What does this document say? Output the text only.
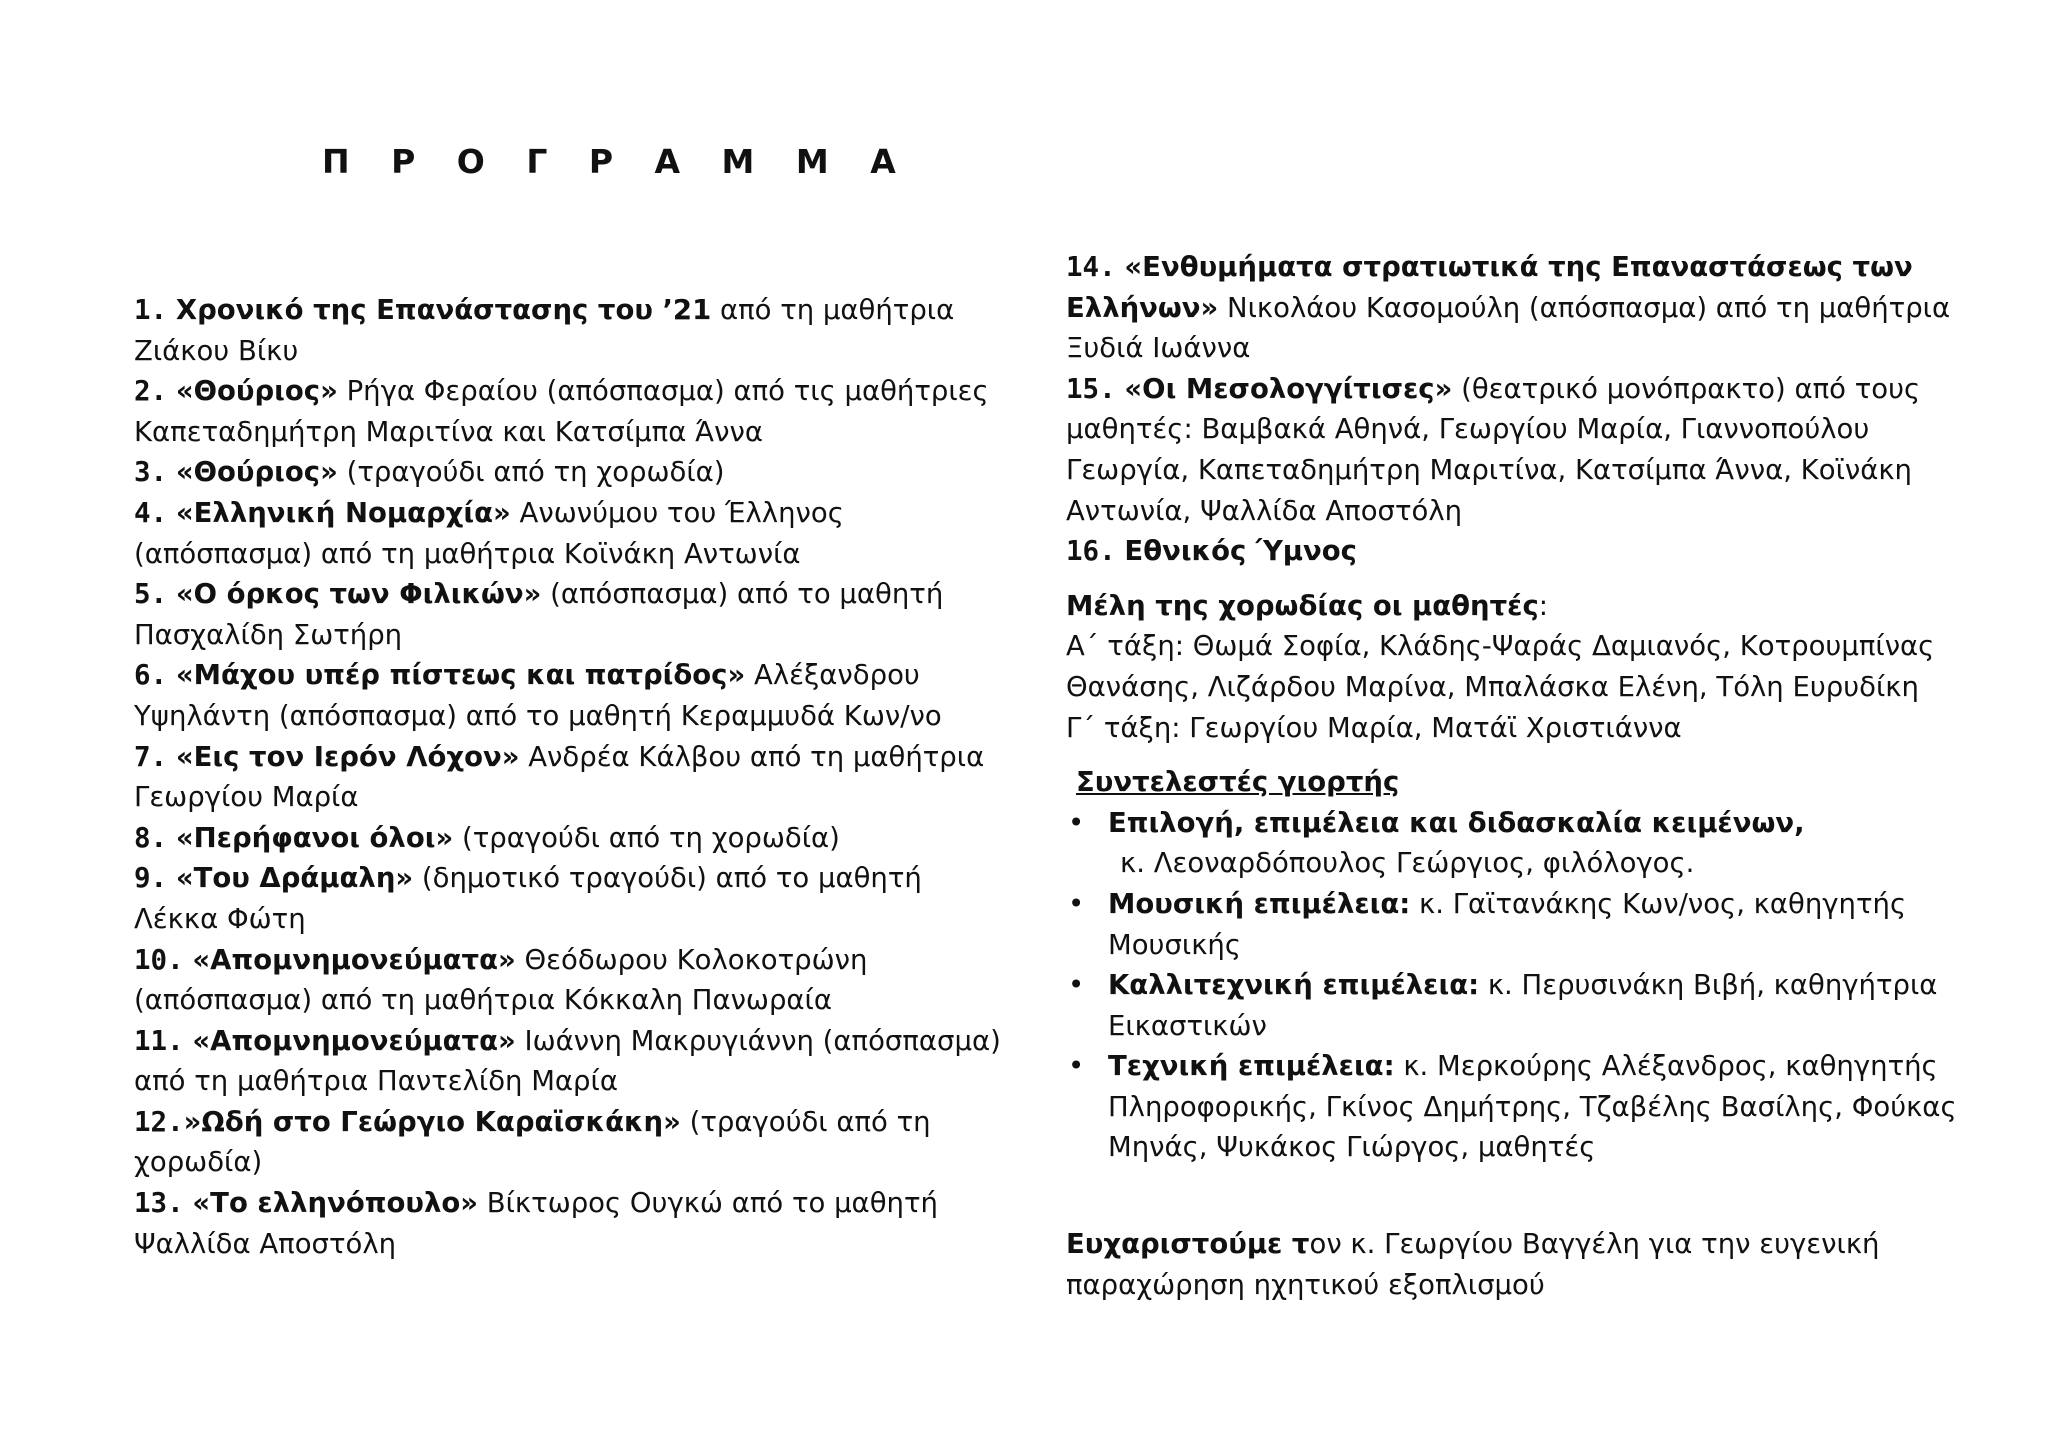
Π Ρ Ο Γ Ρ Α Μ Μ Α

1. Χρονικό της Επανάστασης του ’21 από τη μαθήτρια Ζιάκου Βίκυ

2. «Θούριος» Ρήγα Φεραίου (απόσπασμα) από τις μαθήτριες Καπεταδημήτρη Μαριτίνα και Κατσίμπα Άννα

3. «Θούριος» (τραγούδι από τη χορωδία)

4. «Ελληνική Νομαρχία» Ανωνύμου του Έλληνος (απόσπασμα) από τη μαθήτρια Κοϊνάκη Αντωνία

5. «Ο όρκος των Φιλικών» (απόσπασμα) από το μαθητή Πασχαλίδη Σωτήρη

6. «Μάχου υπέρ πίστεως και πατρίδος» Αλέξανδρου Υψηλάντη (απόσπασμα) από το μαθητή Κεραμμυδά Κων/νο

7. «Εις τον Ιερόν Λόχον» Ανδρέα Κάλβου από τη μαθήτρια Γεωργίου Μαρία

8. «Περήφανοι όλοι» (τραγούδι από τη χορωδία)

9. «Του Δράμαλη» (δημοτικό τραγούδι) από το μαθητή Λέκκα Φώτη

10. «Απομνημονεύματα» Θεόδωρου Κολοκοτρώνη (απόσπασμα) από τη μαθήτρια Κόκκαλη Πανωραία

11. «Απομνημονεύματα» Ιωάννη Μακρυγιάννη (απόσπασμα) από τη μαθήτρια Παντελίδη Μαρία

12.»Ωδή στο Γεώργιο Καραϊσκάκη» (τραγούδι από τη χορωδία)

13. «Το ελληνόπουλο» Βίκτωρος Ουγκώ από το μαθητή Ψαλλίδα Αποστόλη

14. «Ενθυμήματα στρατιωτικά της Επαναστάσεως των Ελλήνων» Νικολάου Κασομούλη (απόσπασμα) από τη μαθήτρια Ξυδιά Ιωάννα

15. «Οι Μεσολογγίτισες» (θεατρικό μονόπρακτο) από τους μαθητές: Βαμβακά Αθηνά, Γεωργίου Μαρία, Γιαννοπούλου Γεωργία, Καπεταδημήτρη Μαριτίνα, Κατσίμπα Άννα, Κοϊνάκη Αντωνία, Ψαλλίδα Αποστόλη

16. Εθνικός Ύμνος

Μέλη της χορωδίας οι μαθητές:

Α΄ τάξη: Θωμά Σοφία, Κλάδης-Ψαράς Δαμιανός, Κοτρουμπίνας Θανάσης, Λιζάρδου Μαρίνα, Μπαλάσκα Ελένη, Τόλη Ευρυδίκη

Γ΄ τάξη: Γεωργίου Μαρία, Ματάϊ Χριστιάννα

Συντελεστές γιορτής

• Επιλογή, επιμέλεια και διδασκαλία κειμένων,
κ. Λεοναρδόπουλος Γεώργιος, φιλόλογος.
• Μουσική επιμέλεια: κ. Γαϊτανάκης Κων/νος, καθηγητής Μουσικής
• Καλλιτεχνική επιμέλεια: κ. Περυσινάκη Βιβή, καθηγήτρια Εικαστικών
• Τεχνική επιμέλεια: κ. Μερκούρης Αλέξανδρος, καθηγητής Πληροφορικής, Γκίνος Δημήτρης, Τζαβέλης Βασίλης, Φούκας Μηνάς, Ψυκάκος Γιώργος, μαθητές

Ευχαριστούμε τον κ. Γεωργίου Βαγγέλη για την ευγενική παραχώρηση ηχητικού εξοπλισμού
